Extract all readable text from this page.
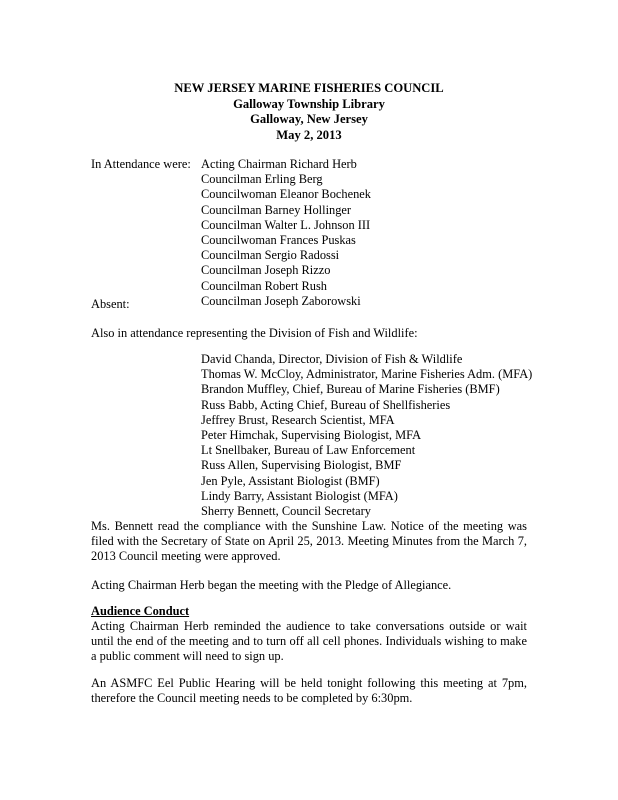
NEW JERSEY MARINE FISHERIES COUNCIL
Galloway Township Library
Galloway, New Jersey
May 2, 2013
In Attendance were: Acting Chairman Richard Herb
Councilman Erling Berg
Councilwoman Eleanor Bochenek
Councilman Barney Hollinger
Councilman Walter L. Johnson III
Councilwoman Frances Puskas
Councilman Sergio Radossi
Councilman Joseph Rizzo
Councilman Robert Rush
Councilman Joseph Zaborowski
Absent:
Also in attendance representing the Division of Fish and Wildlife:
David Chanda, Director, Division of Fish & Wildlife
Thomas W. McCloy, Administrator, Marine Fisheries Adm. (MFA)
Brandon Muffley, Chief, Bureau of Marine Fisheries (BMF)
Russ Babb, Acting Chief, Bureau of Shellfisheries
Jeffrey Brust, Research Scientist, MFA
Peter Himchak, Supervising Biologist, MFA
Lt Snellbaker, Bureau of Law Enforcement
Russ Allen, Supervising Biologist, BMF
Jen Pyle, Assistant Biologist (BMF)
Lindy Barry, Assistant Biologist (MFA)
Sherry Bennett, Council Secretary
Ms. Bennett read the compliance with the Sunshine Law. Notice of the meeting was filed with the Secretary of State on April 25, 2013. Meeting Minutes from the March 7, 2013 Council meeting were approved.
Acting Chairman Herb began the meeting with the Pledge of Allegiance.
Audience Conduct
Acting Chairman Herb reminded the audience to take conversations outside or wait until the end of the meeting and to turn off all cell phones. Individuals wishing to make a public comment will need to sign up.
An ASMFC Eel Public Hearing will be held tonight following this meeting at 7pm, therefore the Council meeting needs to be completed by 6:30pm.
